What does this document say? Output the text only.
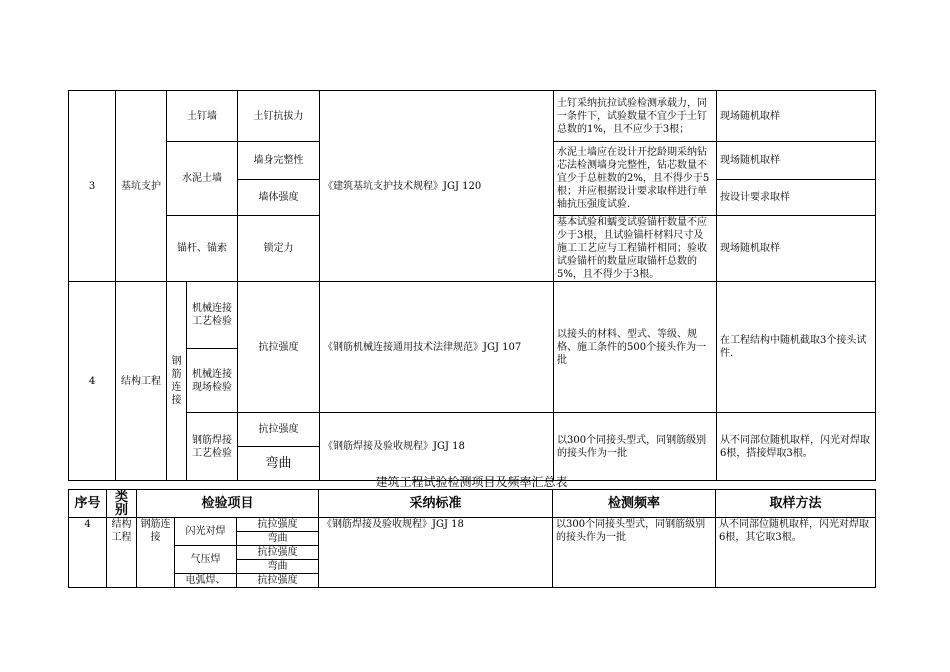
3	基坑支护	土钉墙		土钉抗拔力	《建筑基坑支护技术规程》JGJ 120	土钉采纳抗拉试验检测承载力，同一条件下，试验数量不宜少于土钉总数的1%，且不应少于3根；	现场随机取样
		水泥土墙		墙身完整性		水泥土墙应在设计开挖龄期采纳钻芯法检测墙身完整性，钻芯数量不宜少于总桩数的2%，且不得少于5根；并应根据设计要求取样进行单轴抗压强度试验.	现场随机取样
				墙体强度			按设计要求取样
		锚杆、锚索		锁定力		基本试验和蠕变试验锚杆数量不应少于3根，且试验锚杆材料尺寸及施工工艺应与工程锚杆相同；验收试验锚杆的数量应取锚杆总数的5%，且不得少于3根。	现场随机取样
4	结构工程	钢筋连接	机械连接工艺检验	抗拉强度	《钢筋机械连接通用技术法律规范》JGJ 107	以接头的材料、型式、等级、规格、施工条件的500个接头作为一批	在工程结构中随机截取3个接头试件.
			机械连接现场检验				
			钢筋焊接工艺检验	抗拉强度	《钢筋焊接及验收规程》JGJ 18	以300个同接头型式，同钢筋级别的接头作为一批	从不同部位随机取样，闪光对焊取6根，搭接焊取3根。
				弯曲			
建筑工程试验检测项目及频率汇总表
序号	类别	检验项目			采纳标准	检测频率	取样方法
4	结构工程	钢筋连接	闪光对焊	抗拉强度	《钢筋焊接及验收规程》JGJ 18	以300个同接头型式，同钢筋级别的接头作为一批	从不同部位随机取样，闪光对焊取6根，其它取3根。
				弯曲			
			气压焊	抗拉强度			
				弯曲			
			电弧焊、	抗拉强度			
